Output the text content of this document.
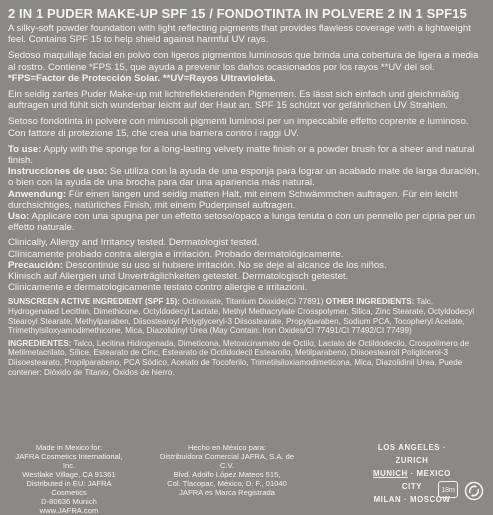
2 IN 1 PUDER MAKE-UP SPF 15 / FONDOTINTA IN POLVERE 2 IN 1 SPF15

A silky-soft powder foundation with light reflecting pigments that provides flawless coverage with a lightweight feel. Contains SPF 15 to help shield against harmful UV rays.

Sedoso maquillaje facial en polvo con ligeros pigmentos luminosos que brinda una cobertura de ligera a media al rostro. Contiene *FPS 15, que ayuda a prevenir los daños ocasionados por los rayos **UV del sol. *FPS=Factor de Protección Solar. **UV=Rayos Ultravioleta.

Ein seidig zartes Puder Make-up mit lichtreflektierenden Pigmenten. Es lässt sich einfach und gleichmäßig auftragen und fühlt sich wunderbar leicht auf der Haut an. SPF 15 schützt vor gefährlichen UV Strahlen.

Setoso fondotinta in polvere con minuscoli pigmenti luminosi per un impeccabile effetto coprente e luminoso. Con fattore di protezione 15, che crea una barriera contro i raggi UV.

To use: Apply with the sponge for a long-lasting velvety matte finish or a powder brush for a sheer and natural finish.

Instrucciones de uso: Se utiliza con la ayuda de una esponja para lograr un acabado mate de larga duración, o bien con la ayuda de una brocha para dar una apariencia más natural.

Anwendung: Für einen langen und seidig matten Halt, mit einem Schwämmchen auftragen. Für ein leicht durchsichtiges, natürliches Finish, mit einem Puderpinsel auftragen.

Uso: Applicare con una spugna per un effetto setoso/opaco a lunga tenuta o con un pennello per cipria per un effetto naturale.

Clinically, Allergy and Irritancy tested. Dermatologist tested.

Clínicamente probado contra alergia e irritación. Probado dermatológicamente.

Precaución: Descontinúe su uso si hubiere irritación. No se deje al alcance de los niños.

Klinisch auf Allergien und Unverträglichkeiten getestet. Dermatologisch getestet.

Clinicamente e dermatologicamente testato contro allergie e irritazioni.

SUNSCREEN ACTIVE INGREDIENT (SPF 15): Octinoxate, Titanium Dioxide(CI 77891) OTHER INGREDIENTS: Talc, Hydrogenated Lecithin, Dimethicone, Octyldodecyl Lactate, Methyl Methacrylate Crosspolymer, Silica, Zinc Stearate, Octyldodecyl Stearoyl Stearate, Methylparaben, Diisostearoyl Polyglyceryl-3 Diisostearate, Propylparaben, Sodium PCA, Tocopheryl Acetate, Trimethylsiloxyamodimethicone, Mica, Diazolidinyl Urea (May Contain: Iron Oxides/CI 77491/CI 77492/CI 77499)

INGREDIENTES: Talco, Lecitina Hidrogenada, Dimeticona, Metoxicinamato de Octilo, Lactato de Octildodecilo, Crospolímero de Metilmetacrilato, Sílice, Estearato de Cinc, Estearato de Octildodecil Estearoilo, Metilparabeno, Diisoestearoil Poliglicerol-3 Diisoestearato, Propilparabeno, PCA Sódico, Acetato de Tocoferilo, Trimetilsiloxiamodimeticona, Mica, Diazolidinil Urea. Puede contener: Dióxido de Titanio, Óxidos de hierro.

Made in Mexico for:
JAFRA Cosmetics International, Inc.
Westlake Village, CA 91361
Distributed in EU: JAFRA Cosmetics
D-80636 Munich
www.JAFRA.com
Hecho en México para:
Distribuidora Comercial JAFRA, S.A. de C.V.
Blvd. Adolfo López Mateos 515,
Col. Tlacopac, México, D. F., 01040
JAFRA es Marca Registrada
LOS ANGELES · ZURICH
MUNICH · MEXICO CITY
MILAN · MOSCOW
18m
